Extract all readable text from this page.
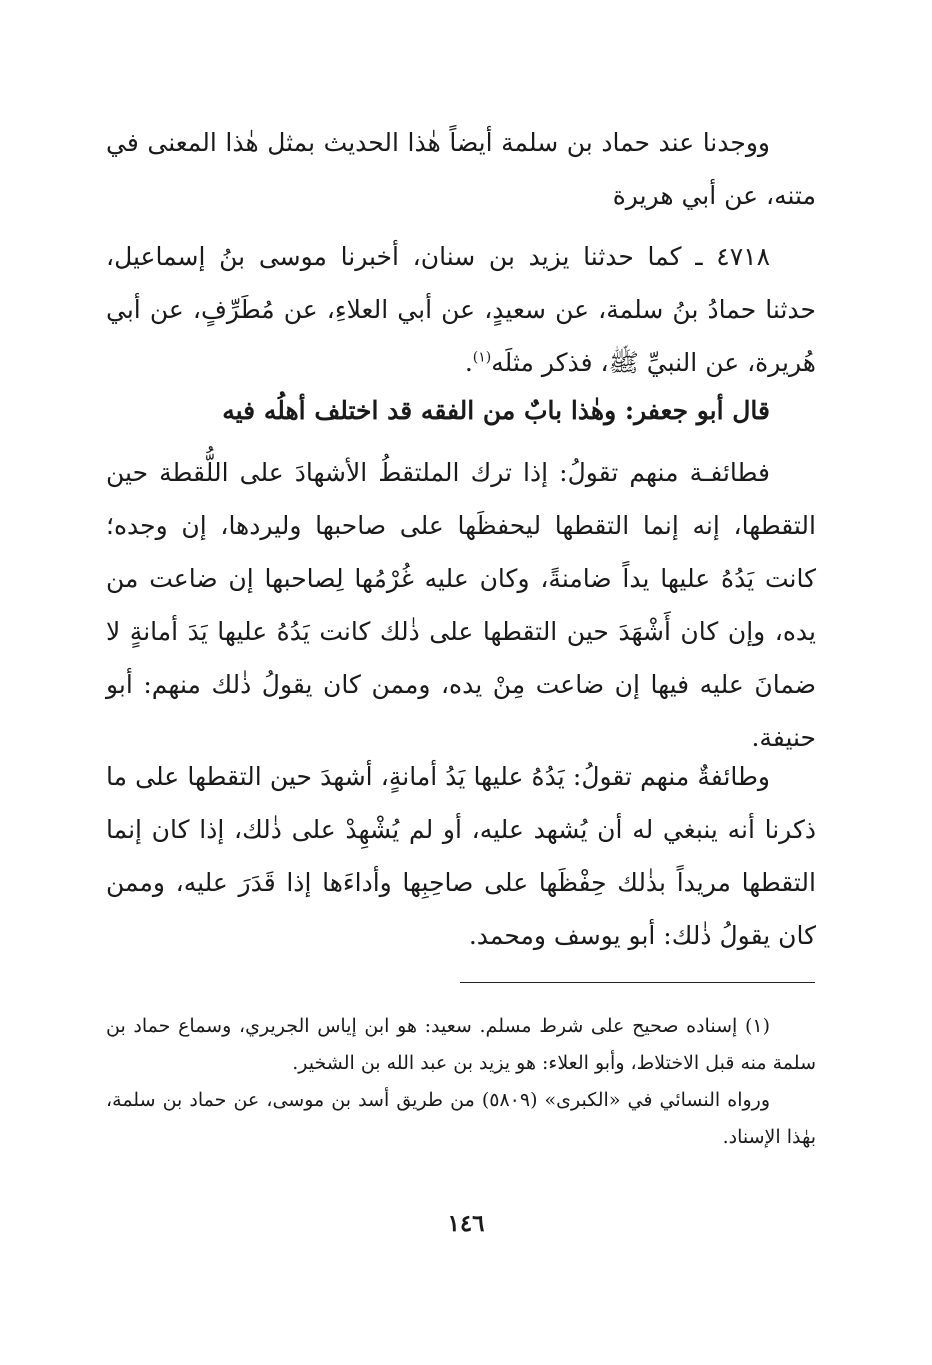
ووجدنا عند حماد بن سلمة أيضاً هٰذا الحديث بمثل هٰذا المعنى في متنه، عن أبي هريرة

٤٧١٨ ـ كما حدثنا يزيد بن سنان، أخبرنا موسى بنُ إسماعيل، حدثنا حمادُ بنُ سلمة، عن سعيدٍ، عن أبي العلاءِ، عن مُطَرِّفٍ، عن أبي هُريرة، عن النبيِّ ﷺ، فذكر مثلَه$^{(١)}$.

قال أبو جعفر: وهٰذا بابٌ من الفقه قد اختلف أهلُه فيه

فطائفـة منهم تقولُ: إذا ترك الملتقطُ الأشهادَ على اللُّقطة حين التقطها، إنه إنما التقطها ليحفظَها على صاحبها وليردها، إن وجده؛ كانت يَدُهُ عليها يداً ضامنةً، وكان عليه غُرْمُها لِصاحبها إن ضاعت من يده، وإن كان أَشْهَدَ حين التقطها على ذٰلك كانت يَدُهُ عليها يَدَ أمانةٍ لا ضمانَ عليه فيها إن ضاعت مِنْ يده، وممن كان يقولُ ذٰلك منهم: أبو حنيفة.

وطائفةٌ منهم تقولُ: يَدُهُ عليها يَدُ أمانةٍ، أشهدَ حين التقطها على ما ذكرنا أنه ينبغي له أن يُشهد عليه، أو لم يُشْهِدْ على ذٰلك، إذا كان إنما التقطها مريداً بذٰلك حِفْظَها على صاحِبِها وأداءَها إذا قَدَرَ عليه، وممن كان يقولُ ذٰلك: أبو يوسف ومحمد.

(١) إسناده صحيح على شرط مسلم. سعيد: هو ابن إياس الجريري، وسماع حماد بن سلمة منه قبل الاختلاط، وأبو العلاء: هو يزيد بن عبد الله بن الشخير.

ورواه النسائي في «الكبرى» (٥٨٠٩) من طريق أسد بن موسى، عن حماد بن سلمة، بهٰذا الإسناد.

١٤٦
